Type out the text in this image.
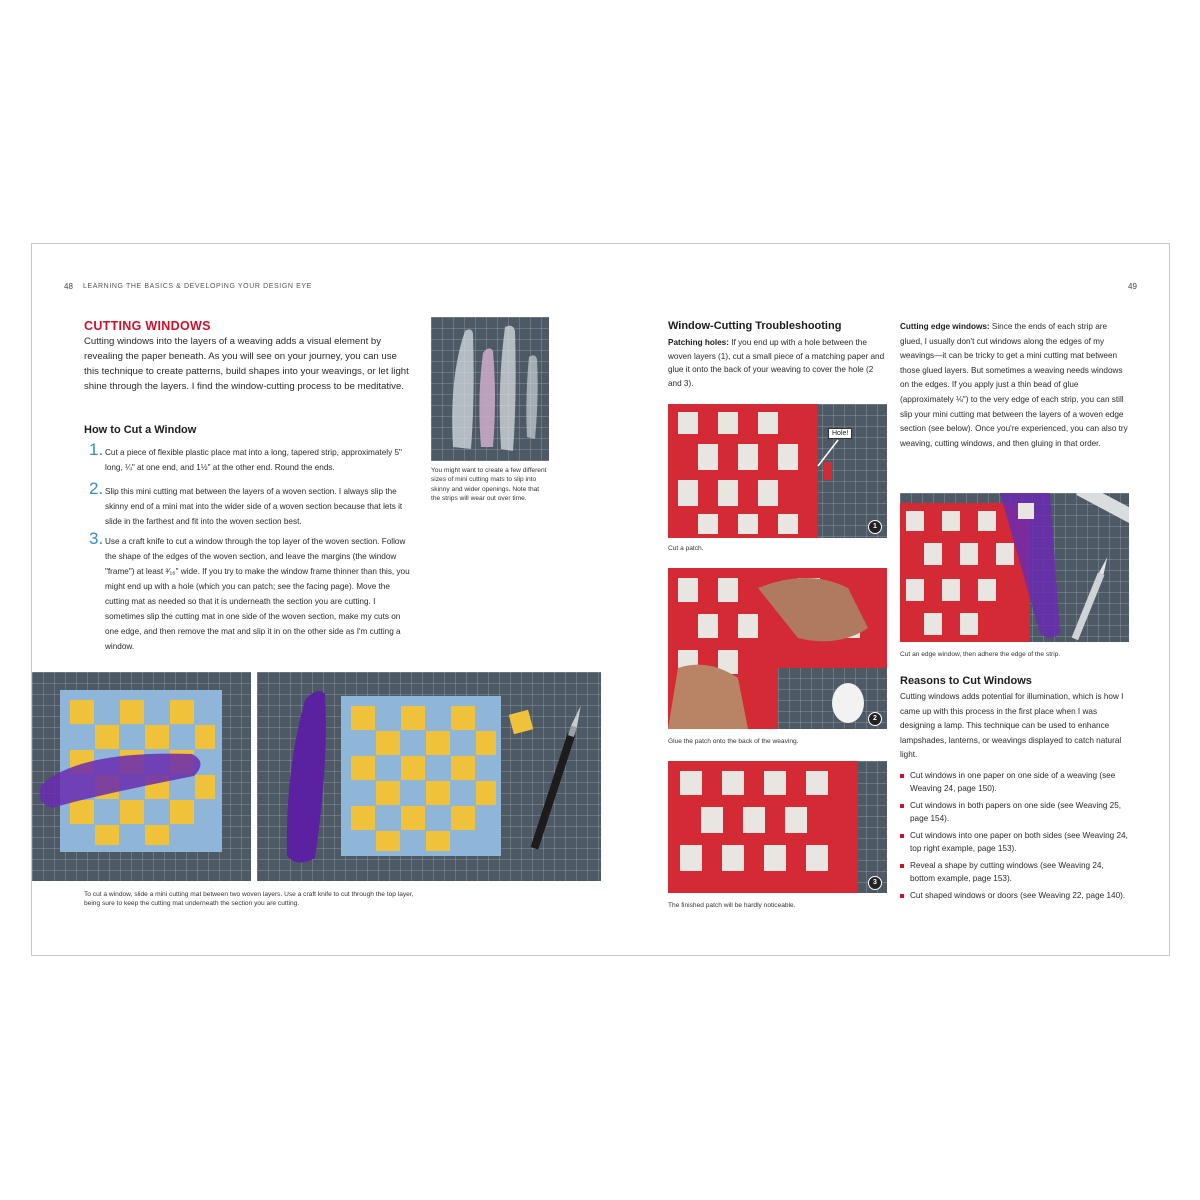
48 LEARNING THE BASICS & DEVELOPING YOUR DESIGN EYE
CUTTING WINDOWS
Cutting windows into the layers of a weaving adds a visual element by revealing the paper beneath. As you will see on your journey, you can use this technique to create patterns, build shapes into your weavings, or let light shine through the layers. I find the window-cutting process to be meditative.
How to Cut a Window
1. Cut a piece of flexible plastic place mat into a long, tapered strip, approximately 5" long, ¼" at one end, and 1½" at the other end. Round the ends.
2. Slip this mini cutting mat between the layers of a woven section. I always slip the skinny end of a mini mat into the wider side of a woven section because that lets it slide in the farthest and fit into the woven section best.
3. Use a craft knife to cut a window through the top layer of the woven section. Follow the shape of the edges of the woven section, and leave the margins (the window "frame") at least ³⁄₁₆" wide. If you try to make the window frame thinner than this, you might end up with a hole (which you can patch; see the facing page). Move the cutting mat as needed so that it is underneath the section you are cutting. I sometimes slip the cutting mat in one side of the woven section, make my cuts on one edge, and then remove the mat and slip it in on the other side as I'm cutting a window.
You might want to create a few different sizes of mini cutting mats to slip into skinny and wider openings. Note that the strips will wear out over time.
To cut a window, slide a mini cutting mat between two woven layers. Use a craft knife to cut through the top layer, being sure to keep the cutting mat underneath the section you are cutting.
49
Window-Cutting Troubleshooting
Patching holes: If you end up with a hole between the woven layers (1), cut a small piece of a matching paper and glue it onto the back of your weaving to cover the hole (2 and 3).
Hole!
1
Cut a patch.
2
Glue the patch onto the back of the weaving.
3
The finished patch will be hardly noticeable.
Cutting edge windows: Since the ends of each strip are glued, I usually don't cut windows along the edges of my weavings—it can be tricky to get a mini cutting mat between those glued layers. But sometimes a weaving needs windows on the edges. If you apply just a thin bead of glue (approximately ⅛") to the very edge of each strip, you can still slip your mini cutting mat between the layers of a woven edge section (see below). Once you're experienced, you can also try weaving, cutting windows, and then gluing in that order.
Cut an edge window, then adhere the edge of the strip.
Reasons to Cut Windows
Cutting windows adds potential for illumination, which is how I came up with this process in the first place when I was designing a lamp. This technique can be used to enhance lampshades, lanterns, or weavings displayed to catch natural light.
Cut windows in one paper on one side of a weaving (see Weaving 24, page 150).
Cut windows in both papers on one side (see Weaving 25, page 154).
Cut windows into one paper on both sides (see Weaving 24, top right example, page 153).
Reveal a shape by cutting windows (see Weaving 24, bottom example, page 153).
Cut shaped windows or doors (see Weaving 22, page 140).
